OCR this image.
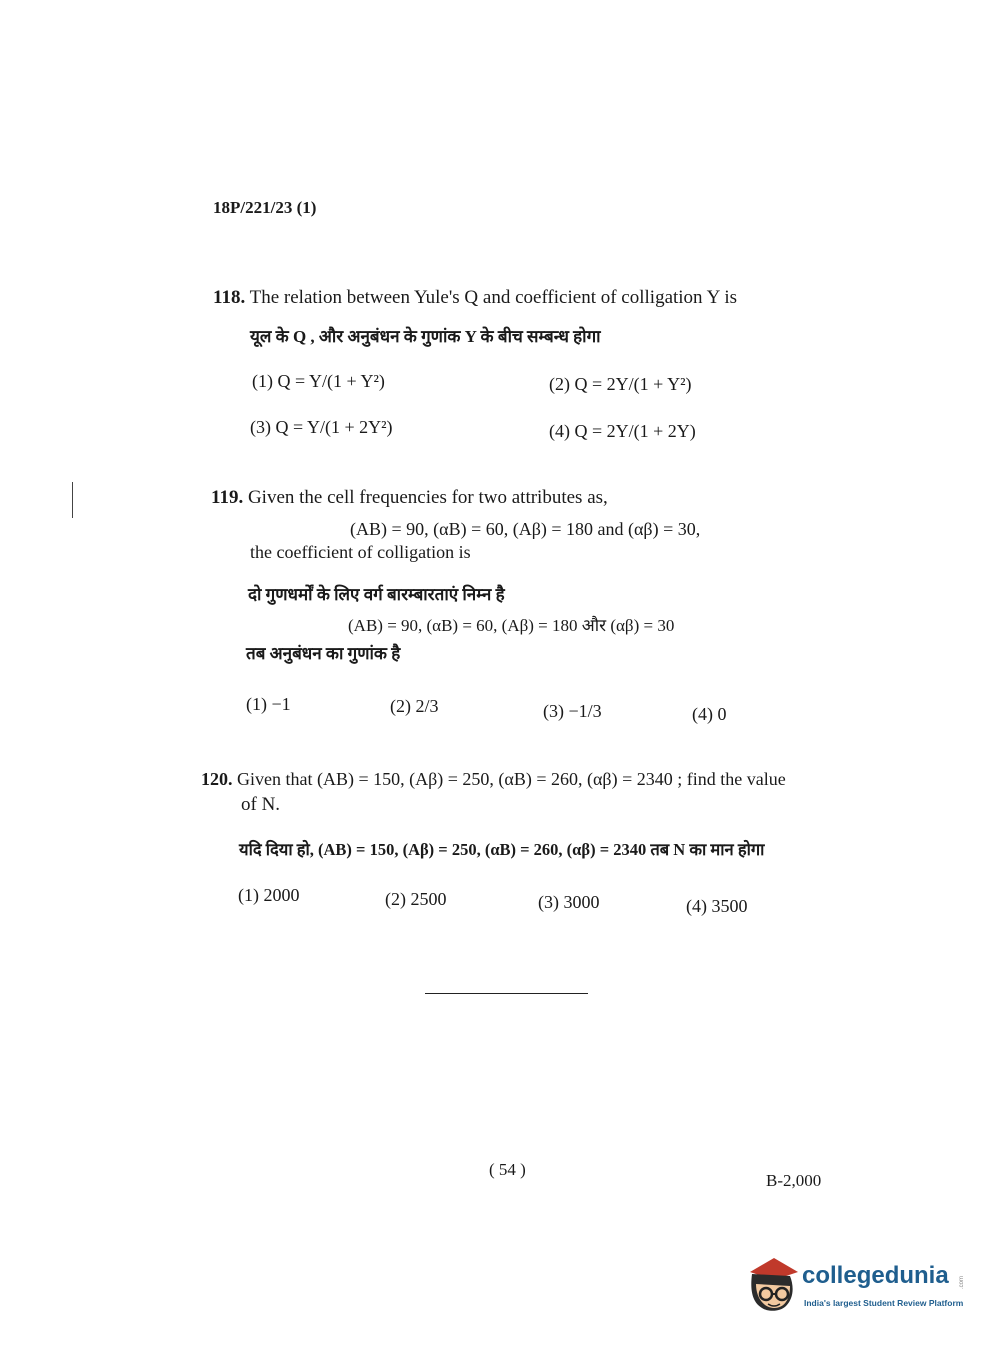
18P/221/23 (1)
118. The relation between Yule's Q and coefficient of colligation Y is
यूल के Q , और अनुबंधन के गुणांक Y के बीच सम्बन्ध होगा
(1) Q = Y/(1 + Y²)	(2) Q = 2Y/(1 + Y²)
(3) Q = Y/(1 + 2Y²)	(4) Q = 2Y/(1 + 2Y)
119. Given the cell frequencies for two attributes as,
(AB) = 90, (αB) = 60, (Aβ) = 180 and (αβ) = 30,
the coefficient of colligation is
दो गुणधर्मों के लिए वर्ग बारम्बारताएं निम्न है
(AB) = 90, (αB) = 60, (Aβ) = 180 और (αβ) = 30
तब अनुबंधन का गुणांक है
(1) −1	(2) 2/3	(3) −1/3	(4) 0
120. Given that (AB) = 150, (Aβ) = 250, (αB) = 260, (αβ) = 2340 ; find the value
of N.
यदि दिया हो, (AB) = 150, (Aβ) = 250, (αB) = 260, (αβ) = 2340 तब N का मान होगा
(1) 2000	(2) 2500	(3) 3000	(4) 3500
( 54 )
B-2,000
collegedunia .com
India's largest Student Review Platform
